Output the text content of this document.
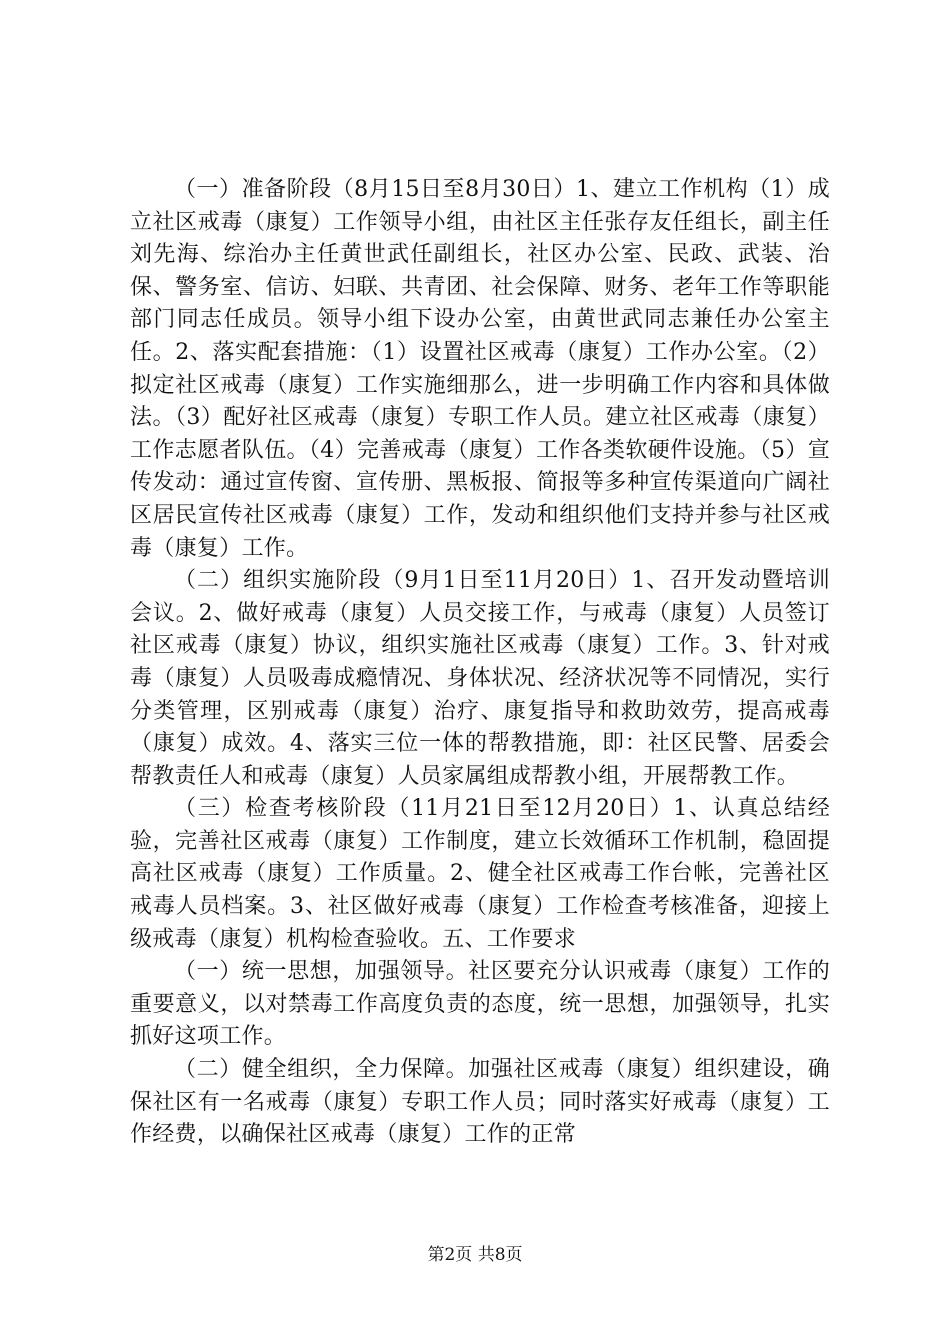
（一）准备阶段（8月15日至8月30日）1、建立工作机构（1）成立社区戒毒（康复）工作领导小组，由社区主任张存友任组长，副主任刘先海、综治办主任黄世武任副组长，社区办公室、民政、武装、治保、警务室、信访、妇联、共青团、社会保障、财务、老年工作等职能部门同志任成员。领导小组下设办公室，由黄世武同志兼任办公室主任。2、落实配套措施：（1）设置社区戒毒（康复）工作办公室。（2）拟定社区戒毒（康复）工作实施细那么，进一步明确工作内容和具体做法。（3）配好社区戒毒（康复）专职工作人员。建立社区戒毒（康复）工作志愿者队伍。（4）完善戒毒（康复）工作各类软硬件设施。（5）宣传发动：通过宣传窗、宣传册、黑板报、简报等多种宣传渠道向广阔社区居民宣传社区戒毒（康复）工作，发动和组织他们支持并参与社区戒毒（康复）工作。

（二）组织实施阶段（9月1日至11月20日）1、召开发动暨培训会议。2、做好戒毒（康复）人员交接工作，与戒毒（康复）人员签订社区戒毒（康复）协议，组织实施社区戒毒（康复）工作。3、针对戒毒（康复）人员吸毒成瘾情况、身体状况、经济状况等不同情况，实行分类管理，区别戒毒（康复）治疗、康复指导和救助效劳，提高戒毒（康复）成效。4、落实三位一体的帮教措施，即：社区民警、居委会帮教责任人和戒毒（康复）人员家属组成帮教小组，开展帮教工作。

（三）检查考核阶段（11月21日至12月20日）1、认真总结经验，完善社区戒毒（康复）工作制度，建立长效循环工作机制，稳固提高社区戒毒（康复）工作质量。2、健全社区戒毒工作台帐，完善社区戒毒人员档案。3、社区做好戒毒（康复）工作检查考核准备，迎接上级戒毒（康复）机构检查验收。五、工作要求

（一）统一思想，加强领导。社区要充分认识戒毒（康复）工作的重要意义，以对禁毒工作高度负责的态度，统一思想，加强领导，扎实抓好这项工作。

（二）健全组织，全力保障。加强社区戒毒（康复）组织建设，确保社区有一名戒毒（康复）专职工作人员；同时落实好戒毒（康复）工作经费，以确保社区戒毒（康复）工作的正常

第2页 共8页
